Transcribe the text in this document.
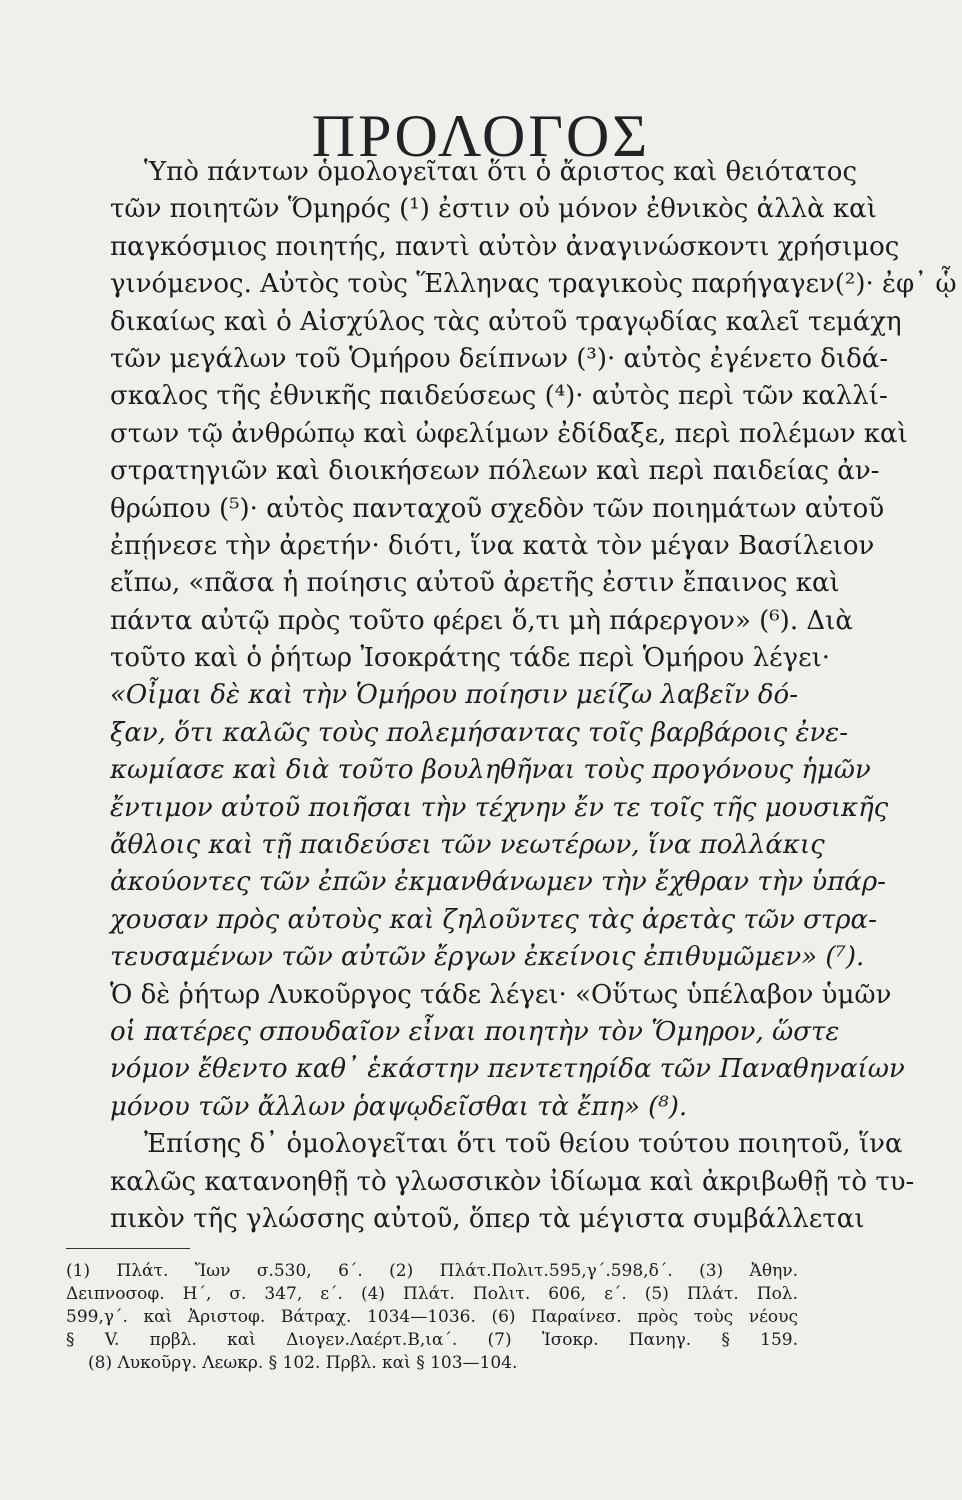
ΠΡΟΛΟΓΟΣ
Ὑπὸ πάντων ὁμολογεῖται ὅτι ὁ ἄριστος καὶ θειότατος
τῶν ποιητῶν Ὅμηρός (¹) ἐστιν οὐ μόνον ἐθνικὸς ἀλλὰ καὶ
παγκόσμιος ποιητής, παντὶ αὐτὸν ἀναγινώσκοντι χρήσιμος
γινόμενος. Αὐτὸς τοὺς Ἕλληνας τραγικοὺς παρήγαγεν(²)· ἐφ᾽ ᾧ
δικαίως καὶ ὁ Αἰσχύλος τὰς αὐτοῦ τραγῳδίας καλεῖ τεμάχη
τῶν μεγάλων τοῦ Ὁμήρου δείπνων (³)· αὐτὸς ἐγένετο διδά-
σκαλος τῆς ἐθνικῆς παιδεύσεως (⁴)· αὐτὸς περὶ τῶν καλλί-
στων τῷ ἀνθρώπῳ καὶ ὠφελίμων ἐδίδαξε, περὶ πολέμων καὶ
στρατηγιῶν καὶ διοικήσεων πόλεων καὶ περὶ παιδείας ἀν-
θρώπου (⁵)· αὐτὸς πανταχοῦ σχεδὸν τῶν ποιημάτων αὐτοῦ
ἐπῄνεσε τὴν ἀρετήν· διότι, ἵνα κατὰ τὸν μέγαν Βασίλειον
εἴπω, «πᾶσα ἡ ποίησις αὐτοῦ ἀρετῆς ἐστιν ἔπαινος καὶ
πάντα αὐτῷ πρὸς τοῦτο φέρει ὅ,τι μὴ πάρεργον» (⁶). Διὰ
τοῦτο καὶ ὁ ῥήτωρ Ἰσοκράτης τάδε περὶ Ὁμήρου λέγει·
«Οἶμαι δὲ καὶ τὴν Ὁμήρου ποίησιν μείζω λαβεῖν δό-
ξαν, ὅτι καλῶς τοὺς πολεμήσαντας τοῖς βαρβάροις ἐνε-
κωμίασε καὶ διὰ τοῦτο βουληθῆναι τοὺς προγόνους ἡμῶν
ἔντιμον αὐτοῦ ποιῆσαι τὴν τέχνην ἔν τε τοῖς τῆς μουσικῆς
ἄθλοις καὶ τῇ παιδεύσει τῶν νεωτέρων, ἵνα πολλάκις
ἀκούοντες τῶν ἐπῶν ἐκμανθάνωμεν τὴν ἔχθραν τὴν ὑπάρ-
χουσαν πρὸς αὐτοὺς καὶ ζηλοῦντες τὰς ἀρετὰς τῶν στρα-
τευσαμένων τῶν αὐτῶν ἔργων ἐκείνοις ἐπιθυμῶμεν» (⁷).
Ὁ δὲ ῥήτωρ Λυκοῦργος τάδε λέγει· «Οὕτως ὑπέλαβον ὑμῶν
οἱ πατέρες σπουδαῖον εἶναι ποιητὴν τὸν Ὅμηρον, ὥστε
νόμον ἔθεντο καθ᾽ ἑκάστην πεντετηρίδα τῶν Παναθηναίων
μόνου τῶν ἄλλων ῥαψῳδεῖσθαι τὰ ἔπη» (⁸).
Ἐπίσης δ᾽ ὁμολογεῖται ὅτι τοῦ θείου τούτου ποιητοῦ, ἵνα
καλῶς κατανοηθῇ τὸ γλωσσικὸν ἰδίωμα καὶ ἀκριβωθῇ τὸ τυ-
πικὸν τῆς γλώσσης αὐτοῦ, ὅπερ τὰ μέγιστα συμβάλλεται
(1) Πλάτ. Ἴων σ.530, 6΄. (2) Πλάτ.Πολιτ.595,γ΄.598,δ΄. (3) Ἀθην.
Δειπνοσοφ. Η΄, σ. 347, ε΄. (4) Πλάτ. Πολιτ. 606, ε΄. (5) Πλάτ. Πολ.
599,γ΄. καὶ Ἀριστοφ. Βάτραχ. 1034—1036. (6) Παραίνεσ. πρὸς τοὺς νέους
§ V. πρβλ. καὶ Διογεν.Λαέρτ.Β,ια΄. (7) Ἰσοκρ. Πανηγ. § 159.
(8) Λυκοῦργ. Λεωκρ. § 102. Πρβλ. καὶ § 103—104.
